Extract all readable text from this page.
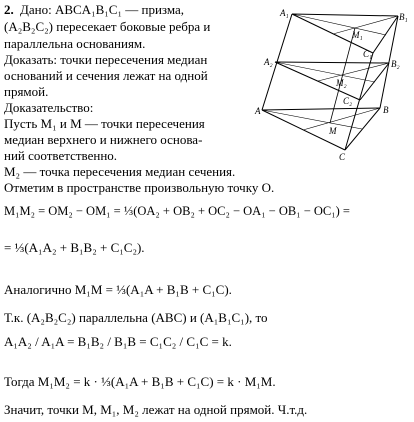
A₁	B₁
C₁
M₁
A₂	B₂
C₂
M₂
A	B
C
M
2. Дано: ABCA₁B₁C₁ — призма,
(A₂B₂C₂) пересекает боковые ребра и
параллельна основаниям.
Доказать: точки пересечения медиан
оснований и сечения лежат на одной
прямой.
Доказательство:
Пусть M₁ и M — точки пересечения
медиан верхнего и нижнего основа-
ний соответственно.
M₂ — точка пересечения медиан сечения.
Отметим в пространстве произвольную точку O.
M₁M₂ = OM₂ − OM₁ = ⅓(OA₂ + OB₂ + OC₂ − OA₁ − OB₁ − OC₁) =
= ⅓(A₁A₂ + B₁B₂ + C₁C₂).
Аналогично M₁M = ⅓(A₁A + B₁B + C₁C).
Т.к. (A₂B₂C₂) параллельна (ABC) и (A₁B₁C₁), то
A₁A₂ / A₁A = B₁B₂ / B₁B = C₁C₂ / C₁C = k.
Тогда M₁M₂ = k · ⅓(A₁A + B₁B + C₁C) = k · M₁M.
Значит, точки M, M₁, M₂ лежат на одной прямой. Ч.т.д.
